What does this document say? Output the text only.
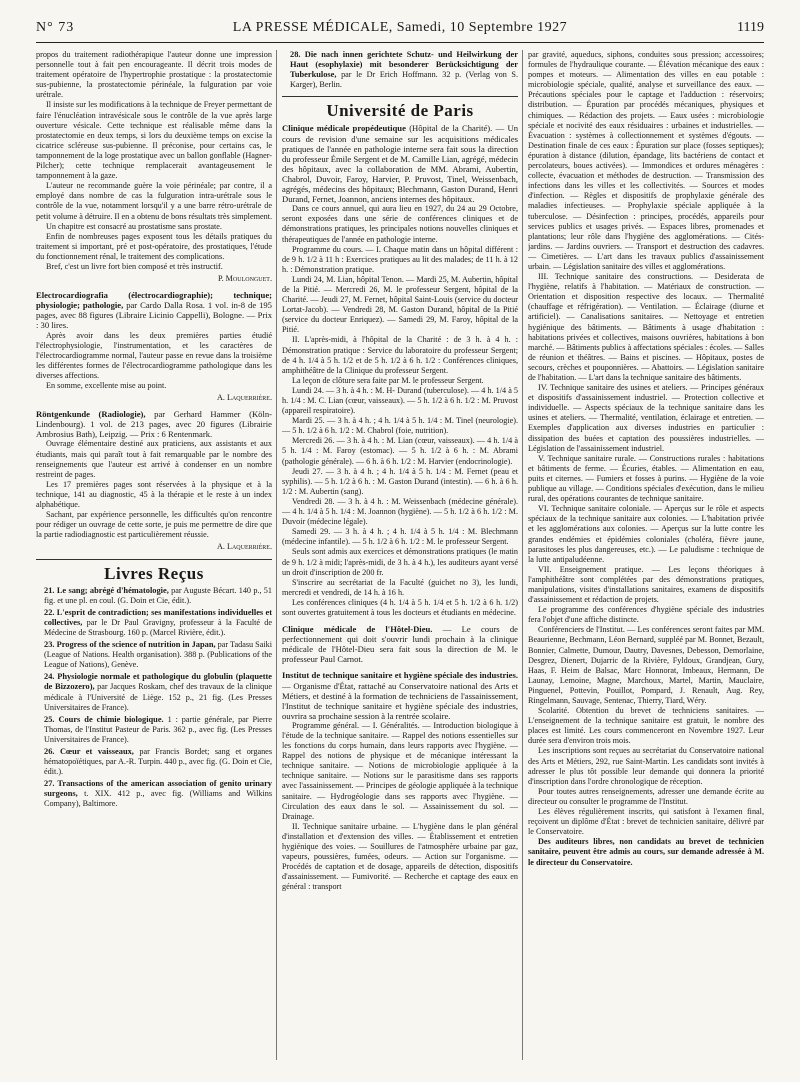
N° 73	LA PRESSE MÉDICALE, Samedi, 10 Septembre 1927	1119

propos du traitement radiothérapique l'auteur donne une impression personnelle tout à fait pen encourageante. Il décrit trois modes de traitement opératoire de l'hypertrophie prostatique : la prostatectomie sus-pubienne, la prostatectomie périnéale, la fulguration par voie urétrale.

Il insiste sur les modifications à la technique de Freyer permettant de faire l'énucléation intravésicale sous le contrôle de la vue après large ouverture vésicale. Cette technique est réalisable même dans la prostatectomie en deux temps, si lors du deuxième temps on excise la cicatrice scléreuse sus-pubienne. Il préconise, pour certains cas, le tamponnement de la loge prostatique avec un ballon gonflable (Hagner-Pilcher); cette technique remplacerait avantageusement le tamponnement à la gaze.

L'auteur ne recommande guère la voie périnéale; par contre, il a employé dans nombre de cas la fulguration intra-urétrale sous le contrôle de la vue, notamment lorsqu'il y a une barre rétro-urétrale de petit volume à détruire. Il en a obtenu de bons résultats très simplement.

Un chapitre est consacré au prostatisme sans prostate.

Enfin de nombreuses pages exposent tous les détails pratiques du traitement si important, pré et post-opératoire, des prostatiques, l'étude du fonctionnement rénal, le traitement des complications.

Bref, c'est un livre fort bien composé et très instructif.

P. Moulonguet.

Electrocardiografia (électrocardiographie); technique; physiologie; pathologie, par Cardo Dalla Rosa. 1 vol. in-8 de 195 pages, avec 88 figures (Libraire Licinio Cappelli), Bologne. — Prix : 30 lires.

Après avoir dans les deux premières parties étudié l'électrophysiologie, l'instrumentation, et les caractères de l'électrocardiogramme normal, l'auteur passe en revue dans la troisième les différentes formes de l'électrocardiogramme pathologique dans les diverses affections.

En somme, excellente mise au point.

A. Laquerrière.

Röntgenkunde (Radiologie), par Gerhard Hammer (Köln-Lindenbourg). 1 vol. de 213 pages, avec 20 figures (Librairie Ambrosius Bath), Leipzig. — Prix : 6 Rentenmark.

Ouvrage élémentaire destiné aux praticiens, aux assistants et aux étudiants, mais qui paraît tout à fait remarquable par le nombre des renseignements que l'auteur est arrivé à condenser en un nombre restreint de pages.

Les 17 premières pages sont réservées à la physique et à la technique, 141 au diagnostic, 45 à la thérapie et le reste à un index alphabétique.

Sachant, par expérience personnelle, les difficultés qu'on rencontre pour rédiger un ouvrage de cette sorte, je puis me permettre de dire que la partie radiodiagnostic est particulièrement réussie.

A. Laquerrière.

Livres Reçus

21. Le sang; abrégé d'hématologie, par Auguste Bécart. 140 p., 51 fig. et une pl. en coul. (G. Doin et Cie, édit.).

22. L'esprit de contradiction; ses manifestations individuelles et collectives, par le Dr Paul Gravigny, professeur à la Faculté de Médecine de Strasbourg. 160 p. (Marcel Rivière, édit.).

23. Progress of the science of nutrition in Japan, par Tadasu Saiki (League of Nations. Health organisation). 388 p. (Publications of the League of Nations), Genève.

24. Physiologie normale et pathologique du globulin (plaquette de Bizzozero), par Jacques Roskam, chef des travaux de la clinique médicale à l'Université de Liège. 152 p., 21 fig. (Les Presses Universitaires de France).

25. Cours de chimie biologique. 1 : partie générale, par Pierre Thomas, de l'Institut Pasteur de Paris. 362 p., avec fig. (Les Presses Universitaires de France).

26. Cœur et vaisseaux, par Francis Bordet; sang et organes hématopoïétiques, par A.-R. Turpin. 440 p., avec fig. (G. Doin et Cie, édit.).

27. Transactions of the american association of genito urinary surgeons, t. XIX. 412 p., avec fig. (Williams and Wilkins Company), Baltimore.

28. Die nach innen gerichtete Schutz- und Heilwirkung der Haut (esophylaxie) mit besonderer Berücksichtigung der Tuberkulose, par le Dr Erich Hoffmann. 32 p. (Verlag von S. Karger), Berlin.

Université de Paris

Clinique médicale propédeutique (Hôpital de la Charité). — Un cours de revision d'une semaine sur les acquisitions médicales pratiques de l'année en pathologie interne sera fait sous la direction du professeur Émile Sergent et de M. Camille Lian, agrégé, médecin des hôpitaux, avec la collaboration de MM. Abrami, Aubertin, Chabrol, Duvoir, Faroy, Harvier, P. Pruvost, Tinel, Weissenbach, agrégés, médecins des hôpitaux; Blechmann, Gaston Durand, Henri Durand, Fernet, Joannon, anciens internes des hôpitaux.

Dans ce cours annuel, qui aura lieu en 1927, du 24 au 29 Octobre, seront exposées dans une série de conférences cliniques et de démonstrations pratiques, les principales notions nouvelles cliniques et thérapeutiques de l'année en pathologie interne.

Programme du cours. — I. Chaque matin dans un hôpital différent : de 9 h. 1/2 à 11 h : Exercices pratiques au lit des malades; de 11 h. à 12 h. : Démonstration pratique.

Lundi 24, M. Lian, hôpital Tenon. — Mardi 25, M. Aubertin, hôpital de la Pitié. — Mercredi 26, M. le professeur Sergent, hôpital de la Charité. — Jeudi 27, M. Fernet, hôpital Saint-Louis (service du docteur Lortat-Jacob). — Vendredi 28, M. Gaston Durand, hôpital de la Pitié (service du docteur Enriquez). — Samedi 29, M. Faroy, hôpital de la Pitié.

II. L'après-midi, à l'hôpital de la Charité : de 3 h. à 4 h. : Démonstration pratique : Service du laboratoire du professeur Sergent; de 4 h. 1/4 à 5 h. 1/2 et de 5 h. 1/2 à 6 h. 1/2 : Conférences cliniques, amphithéâtre de la Clinique du professeur Sergent.

La leçon de clôture sera faite par M. le professeur Sergent.

Lundi 24. — 3 h. à 4 h. : M. H- Durand (tuberculose). — 4 h. 1/4 à 5 h. 1/4 : M. C. Lian (cœur, vaisseaux). — 5 h. 1/2 à 6 h. 1/2 : M. Pruvost (appareil respiratoire).

Mardi 25. — 3 h. à 4 h. ; 4 h. 1/4 à 5 h. 1/4 : M. Tinel (neurologie). — 5 h. 1/2 à 6 h. 1/2 : M. Chabrol (foie, nutrition).

Mercredi 26. — 3 h. à 4 h. : M. Lian (cœur, vaisseaux). — 4 h. 1/4 à 5 h. 1/4 : M. Faroy (estomac). — 5 h. 1/2 à 6 h. : M. Abrami (pathologie générale). — 6 h. à 6 h. 1/2 : M. Harvier (endocrinologie).

Jeudi 27. — 3 h. à 4 h. ; 4 h. 1/4 à 5 h. 1/4 : M. Fernet (peau et syphilis). — 5 h. 1/2 à 6 h. : M. Gaston Durand (intestin). — 6 h. à 6 h. 1/2 : M. Aubertin (sang).

Vendredi 28. — 3 h. à 4 h. : M. Weissenbach (médecine générale). — 4 h. 1/4 à 5 h. 1/4 : M. Joannon (hygiène). — 5 h. 1/2 à 6 h. 1/2 : M. Duvoir (médecine légale).

Samedi 29. — 3 h. à 4 h. ; 4 h. 1/4 à 5 h. 1/4 : M. Blechmann (médecine infantile). — 5 h. 1/2 à 6 h. 1/2 : M. le professeur Sergent.

Seuls sont admis aux exercices et démonstrations pratiques (le matin de 9 h. 1/2 à midi; l'après-midi, de 3 h. à 4 h.), les auditeurs ayant versé un droit d'inscription de 200 fr.

S'inscrire au secrétariat de la Faculté (guichet no 3), les lundi, mercredi et vendredi, de 14 h. à 16 h.

Les conférences cliniques (4 h. 1/4 à 5 h. 1/4 et 5 h. 1/2 à 6 h. 1/2) sont ouvertes gratuitement à tous les docteurs et étudiants en médecine.

Clinique médicale de l'Hôtel-Dieu. — Le cours de perfectionnement qui doit s'ouvrir lundi prochain à la clinique médicale de l'Hôtel-Dieu sera fait sous la direction de M. le professeur Paul Carnot.

Institut de technique sanitaire et hygiène spéciale des industries. — Organisme d'État, rattaché au Conservatoire national des Arts et Métiers, et destiné à la formation de techniciens de l'assainissement, l'Institut de technique sanitaire et hygiène spéciale des industries, ouvrira sa prochaine session à la rentrée scolaire.

Programme général. — I. Généralités. — Introduction biologique à l'étude de la technique sanitaire. — Rappel des notions essentielles sur les fonctions du corps humain, dans leurs rapports avec l'hygiène. — Rappel des notions de physique et de mécanique intéressant la technique sanitaire. — Notions de microbiologie appliquée à la technique sanitaire. — Notions sur le parasitisme dans ses rapports avec l'assainissement. — Principes de géologie appliquée à la technique sanitaire. — Hydrogéologie dans ses rapports avec l'hygiène. — Circulation des eaux dans le sol. — Assainissement du sol. — Drainage.

II. Technique sanitaire urbaine. — L'hygiène dans le plan général d'installation et d'extension des villes. — Établissement et entretien hygiénique des voies. — Souillures de l'atmosphère urbaine par gaz, vapeurs, poussières, fumées, odeurs. — Action sur l'organisme. — Procédés de captation et de dosage, appareils de détection, dispositifs d'assainissement. — Fumivorité. — Recherche et captage des eaux en général : transport

par gravité, aqueducs, siphons, conduites sous pression; accessoires; formules de l'hydraulique courante. — Élévation mécanique des eaux : pompes et moteurs. — Alimentation des villes en eau potable : microbiologie spéciale, qualité, analyse et surveillance des eaux. — Précautions spéciales pour le captage et l'adduction : réservoirs; distribution. — Épuration par procédés mécaniques, physiques et chimiques. — Rédaction des projets. — Eaux usées : microbiologie spéciale et nocivité des eaux résiduaires : urbaines et industrielles. — Évacuation : systèmes à collectionnement et systèmes d'égouts. — Destination finale de ces eaux : Épuration sur place (fosses septiques); épuration à distance (dilution, épandage, lits bactériens de contact et percolateurs, boues activées). — Immondices et ordures ménagères : collecte, évacuation et méthodes de destruction. — Transmission des infections dans les villes et les collectivités. — Sources et modes d'infection. — Règles et dispositifs de prophylaxie générale des maladies infectieuses. — Prophylaxie spéciale appliquée à la tuberculose. — Désinfection : principes, procédés, appareils pour services publics et usages privés. — Espaces libres, promenades et plantations; leur rôle dans l'hygiène des agglomérations. — Cités-jardins. — Jardins ouvriers. — Transport et destruction des cadavres. — Cimetières. — L'art dans les travaux publics d'assainissement urbain. — Législation sanitaire des villes et agglomérations.

III. Technique sanitaire des constructions. — Desiderata de l'hygiène, relatifs à l'habitation. — Matériaux de construction. — Orientation et disposition respective des locaux. — Thermalité (chauffage et réfrigération). — Ventilation. — Éclairage (diurne et artificiel). — Canalisations sanitaires. — Nettoyage et entretien hygiénique des bâtiments. — Bâtiments à usage d'habitation : habitations privées et collectives, maisons ouvrières, habitations à bon marché. — Bâtiments publics à affectations spéciales : écoles. — Salles de réunion et théâtres. — Bains et piscines. — Hôpitaux, postes de secours, crèches et pouponnières. — Abattoirs. — Législation sanitaire de l'habitation. — L'art dans la technique sanitaire des bâtiments.

IV. Technique sanitaire des usines et ateliers. — Principes généraux et dispositifs d'assainissement industriel. — Protection collective et individuelle. — Aspects spéciaux de la technique sanitaire dans les usines et ateliers. — Thermalité, ventilation, éclairage et entretien. — Exemples d'application aux diverses industries en particulier : dissipation des buées et captation des poussières industrielles. — Législation de l'assainissement industriel.

V. Technique sanitaire rurale. — Constructions rurales : habitations et bâtiments de ferme. — Écuries, étables. — Alimentation en eau, puits et citernes. — Fumiers et fosses à purins. — Hygiène de la voie publique au village. — Conditions spéciales d'exécution, dans le milieu rural, des opérations courantes de technique sanitaire.

VI. Technique sanitaire coloniale. — Aperçus sur le rôle et aspects spéciaux de la technique sanitaire aux colonies. — L'habitation privée et les agglomérations aux colonies. — Aperçus sur la lutte contre les grandes endémies et épidémies coloniales (choléra, fièvre jaune, parasitoses les plus dangereuses, etc.). — Le paludisme : technique de la lutte antipaludéenne.

VII. Enseignement pratique. — Les leçons théoriques à l'amphithéâtre sont complétées par des démonstrations pratiques, manipulations, visites d'installations sanitaires, examens de dispositifs d'assainissement et rédaction de projets.

Le programme des conférences d'hygiène spéciale des industries fera l'objet d'une affiche distincte.

Conférenciers de l'Institut. — Les conférences seront faites par MM. Beaurienne, Bechmann, Léon Bernard, suppléé par M. Bonnet, Bezault, Bonnier, Calmette, Dumour, Dautry, Davesnes, Debesson, Demorlaine, Desgrez, Dienert, Dujarric de la Rivière, Fyldoux, Grandjean, Gury, Haas, F. Heim de Balsac, Marc Honnorat, Imbeaux, Hermann, De Launay, Lemoine, Magne, Marchoux, Martel, Martin, Mauclaire, Pinguenel, Pottevin, Pouillot, Pompard, J. Renault, Aug. Rey, Ringelmann, Sauvage, Sentenac, Thierry, Tiard, Wéry.

Scolarité. Obtention du brevet de techniciens sanitaires. — L'enseignement de la technique sanitaire est gratuit, le nombre des places est limité. Les cours commenceront en Novembre 1927. Leur durée sera d'environ trois mois.

Les inscriptions sont reçues au secrétariat du Conservatoire national des Arts et Métiers, 292, rue Saint-Martin. Les candidats sont invités à adresser le plus tôt possible leur demande qui donnera la priorité d'inscription dans l'ordre chronologique de réception.

Pour toutes autres renseignements, adresser une demande écrite au directeur ou consulter le programme de l'Institut.

Les élèves régulièrement inscrits, qui satisfont à l'examen final, reçoivent un diplôme d'État : brevet de technicien sanitaire, délivré par le Conservatoire.

Des auditeurs libres, non candidats au brevet de technicien sanitaire, peuvent être admis au cours, sur demande adressée à M. le directeur du Conservatoire.
